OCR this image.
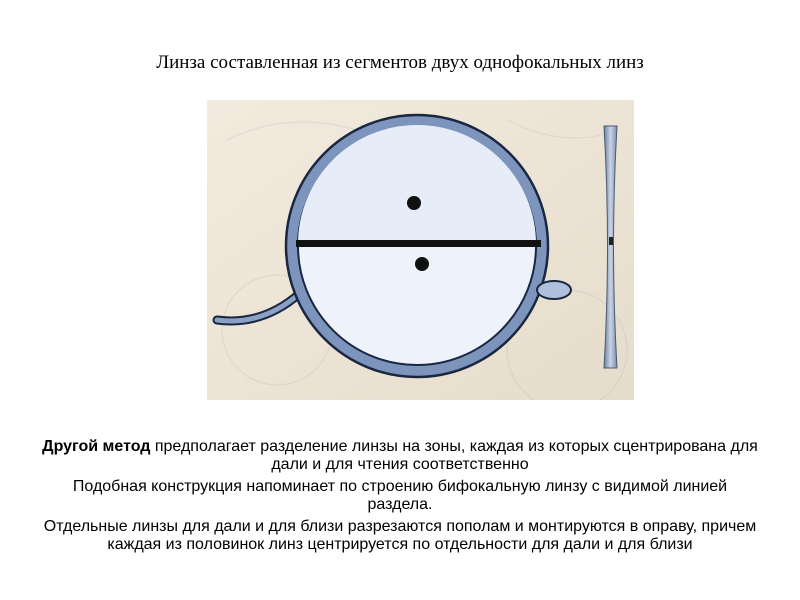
Линза составленная из сегментов двух однофокальных линз

Другой метод предполагает разделение линзы на зоны, каждая из которых сцентрирована для дали и для чтения соответственно

Подобная конструкция напоминает по строению бифокальную линзу с видимой линией раздела.

Отдельные линзы для дали и для близи разрезаются пополам и монтируются в оправу, причем каждая из половинок линз центрируется по отдельности для дали и для близи
